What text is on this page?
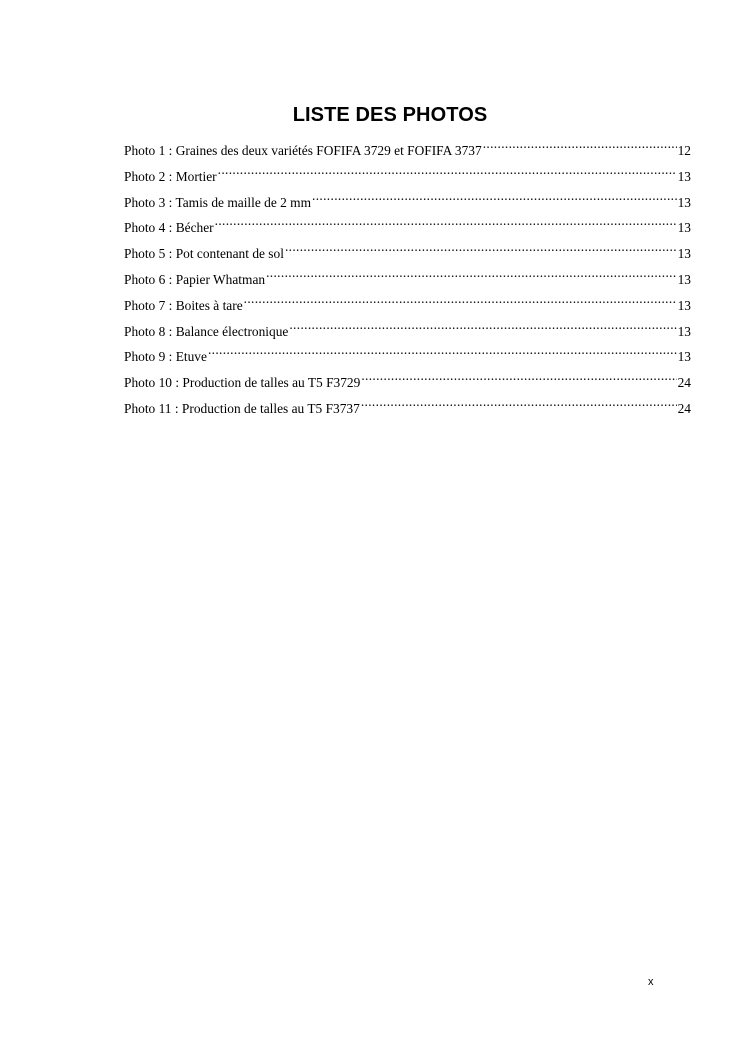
LISTE DES PHOTOS
Photo 1 : Graines des deux variétés FOFIFA 3729 et FOFIFA 3737 .....	12
Photo 2 : Mortier .....	13
Photo 3 : Tamis de maille de 2 mm .....	13
Photo 4 : Bécher .....	13
Photo 5 : Pot contenant de sol .....	13
Photo 6 : Papier Whatman .....	13
Photo 7 : Boites à tare .....	13
Photo 8 : Balance électronique .....	13
Photo 9 : Etuve .....	13
Photo 10 : Production de talles au T5 F3729 .....	24
Photo 11 : Production de talles au T5 F3737 .....	24
x
